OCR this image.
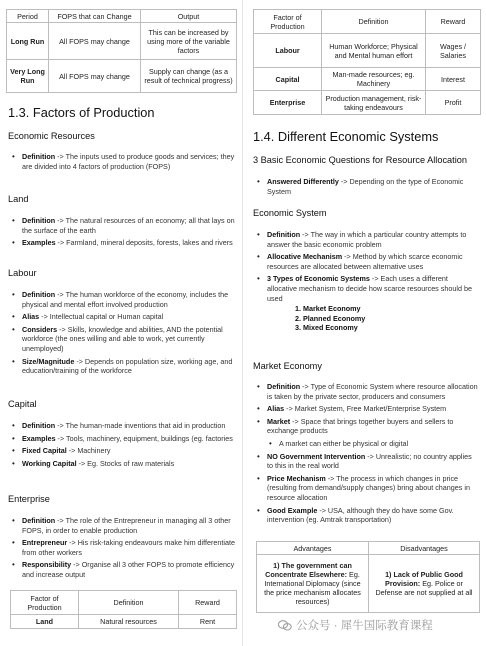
Period	FOPS that can Change	Output
Long Run	All FOPS may change	This can be increased by using more of the variable factors
Very Long Run	All FOPS may change	Supply can change (as a result of technical progress)
1.3. Factors of Production
Economic Resources
• Definition -> The inputs used to produce goods and services; they are divided into 4 factors of production (FOPS)
Land
• Definition -> The natural resources of an economy; all that lays on the surface of the earth
• Examples -> Farmland, mineral deposits, forests, lakes and rivers
Labour
• Definition -> The human workforce of the economy, includes the physical and mental effort involved production
• Alias -> Intellectual capital or Human capital
• Considers -> Skills, knowledge and abilities, AND the potential workforce (the ones willing and able to work, yet currently unemployed)
• Size/Magnitude -> Depends on population size, working age, and education/training of the workforce
Capital
• Definition -> The human-made inventions that aid in production
• Examples -> Tools, machinery, equipment, buildings (eg. factories
• Fixed Capital -> Machinery
• Working Capital -> Eg. Stocks of raw materials
Enterprise
• Definition -> The role of the Entrepreneur in managing all 3 other FOPS, in order to enable production
• Entrepreneur -> His risk-taking endeavours make him differentiate from other workers
• Responsibility -> Organise all 3 other FOPS to promote efficiency and increase output
Factor of Production	Definition	Reward
Land	Natural resources	Rent
Factor of Production	Definition	Reward
Labour	Human Workforce; Physical and Mental human effort	Wages / Salaries
Capital	Man-made resources; eg. Machinery	Interest
Enterprise	Production management, risk-taking endeavours	Profit
1.4. Different Economic Systems
3 Basic Economic Questions for Resource Allocation
• Answered Differently -> Depending on the type of Economic System
Economic System
• Definition -> The way in which a particular country attempts to answer the basic economic problem
• Allocative Mechanism -> Method by which scarce economic resources are allocated between alternative uses
• 3 Types of Economic Systems -> Each uses a different allocative mechanism to decide how scarce resources should be used
1. Market Economy
2. Planned Economy
3. Mixed Economy
Market Economy
• Definition -> Type of Economic System where resource allocation is taken by the private sector, producers and consumers
• Alias -> Market System, Free Market/Enterprise System
• Market -> Space that brings together buyers and sellers to exchange products
• A market can either be physical or digital
• NO Government Intervention -> Unrealistic; no country applies to this in the real world
• Price Mechanism -> The process in which changes in price (resulting from demand/supply changes) bring about changes in resource allocation
• Good Example -> USA, although they do have some Gov. intervention (eg. Amtrak transportation)
Advantages	Disadvantages
1) The government can Concentrate Elsewhere: Eg. International Diplomacy (since the price mechanism allocates resources)	1) Lack of Public Good Provision: Eg. Police or Defense are not supplied at all
公众号 · 犀牛国际教育课程
